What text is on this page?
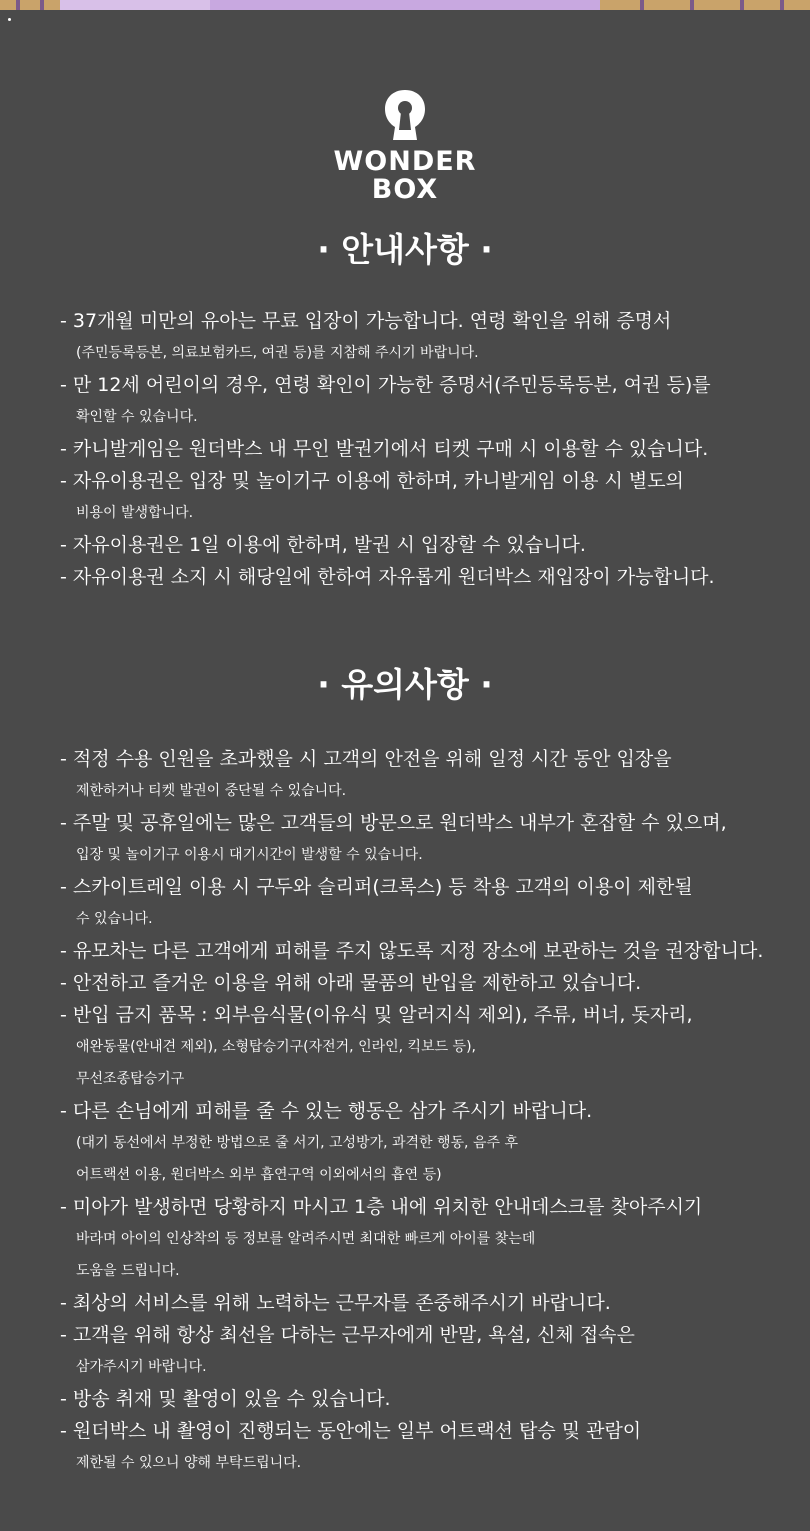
WONDER
BOX
· 안내사항 ·
- 37개월 미만의 유아는 무료 입장이 가능합니다. 연령 확인을 위해 증명서
(주민등록등본, 의료보험카드, 여권 등)를 지참해 주시기 바랍니다.
- 만 12세 어린이의 경우, 연령 확인이 가능한 증명서(주민등록등본, 여권 등)를
확인할 수 있습니다.
- 카니발게임은 원더박스 내 무인 발권기에서 티켓 구매 시 이용할 수 있습니다.
- 자유이용권은 입장 및 놀이기구 이용에 한하며, 카니발게임 이용 시 별도의
비용이 발생합니다.
- 자유이용권은 1일 이용에 한하며, 발권 시 입장할 수 있습니다.
- 자유이용권 소지 시 해당일에 한하여 자유롭게 원더박스 재입장이 가능합니다.
· 유의사항 ·
- 적정 수용 인원을 초과했을 시 고객의 안전을 위해 일정 시간 동안 입장을
제한하거나 티켓 발권이 중단될 수 있습니다.
- 주말 및 공휴일에는 많은 고객들의 방문으로 원더박스 내부가 혼잡할 수 있으며,
입장 및 놀이기구 이용시 대기시간이 발생할 수 있습니다.
- 스카이트레일 이용 시 구두와 슬리퍼(크록스) 등 착용 고객의 이용이 제한될
수 있습니다.
- 유모차는 다른 고객에게 피해를 주지 않도록 지정 장소에 보관하는 것을 권장합니다.
- 안전하고 즐거운 이용을 위해 아래 물품의 반입을 제한하고 있습니다.
- 반입 금지 품목 : 외부음식물(이유식 및 알러지식 제외), 주류, 버너, 돗자리,
애완동물(안내견 제외), 소형탑승기구(자전거, 인라인, 킥보드 등),
무선조종탑승기구
- 다른 손님에게 피해를 줄 수 있는 행동은 삼가 주시기 바랍니다.
(대기 동선에서 부정한 방법으로 줄 서기, 고성방가, 과격한 행동, 음주 후
어트랙션 이용, 원더박스 외부 흡연구역 이외에서의 흡연 등)
- 미아가 발생하면 당황하지 마시고 1층 내에 위치한 안내데스크를 찾아주시기
바라며 아이의 인상착의 등 정보를 알려주시면 최대한 빠르게 아이를 찾는데
도움을 드립니다.
- 최상의 서비스를 위해 노력하는 근무자를 존중해주시기 바랍니다.
- 고객을 위해 항상 최선을 다하는 근무자에게 반말, 욕설, 신체 접속은
삼가주시기 바랍니다.
- 방송 취재 및 촬영이 있을 수 있습니다.
- 원더박스 내 촬영이 진행되는 동안에는 일부 어트랙션 탑승 및 관람이
제한될 수 있으니 양해 부탁드립니다.
